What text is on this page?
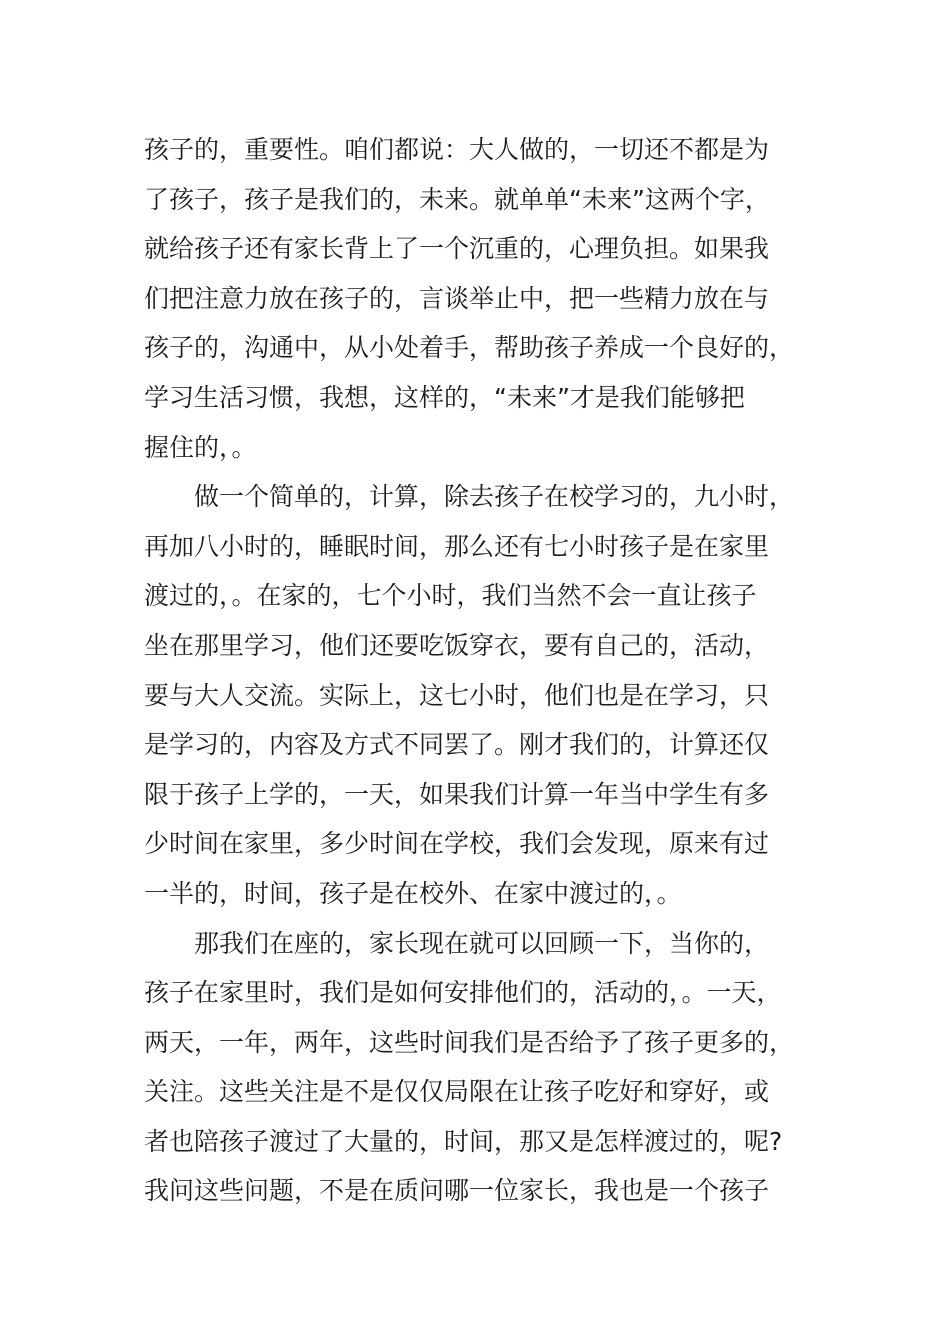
孩子的，重要性。咱们都说：大人做的，一切还不都是为
了孩子，孩子是我们的，未来。就单单“未来”这两个字，
就给孩子还有家长背上了一个沉重的，心理负担。如果我
们把注意力放在孩子的，言谈举止中，把一些精力放在与
孩子的，沟通中，从小处着手，帮助孩子养成一个良好的，
学习生活习惯，我想，这样的，“未来”才是我们能够把
握住的，。
　　做一个简单的，计算，除去孩子在校学习的，九小时，
再加八小时的，睡眠时间，那么还有七小时孩子是在家里
渡过的，。在家的，七个小时，我们当然不会一直让孩子
坐在那里学习，他们还要吃饭穿衣，要有自己的，活动，
要与大人交流。实际上，这七小时，他们也是在学习，只
是学习的，内容及方式不同罢了。刚才我们的，计算还仅
限于孩子上学的，一天，如果我们计算一年当中学生有多
少时间在家里，多少时间在学校，我们会发现，原来有过
一半的，时间，孩子是在校外、在家中渡过的，。
　　那我们在座的，家长现在就可以回顾一下，当你的，
孩子在家里时，我们是如何安排他们的，活动的，。一天，
两天，一年，两年，这些时间我们是否给予了孩子更多的，
关注。这些关注是不是仅仅局限在让孩子吃好和穿好，或
者也陪孩子渡过了大量的，时间，那又是怎样渡过的，呢?
我问这些问题，不是在质问哪一位家长，我也是一个孩子
